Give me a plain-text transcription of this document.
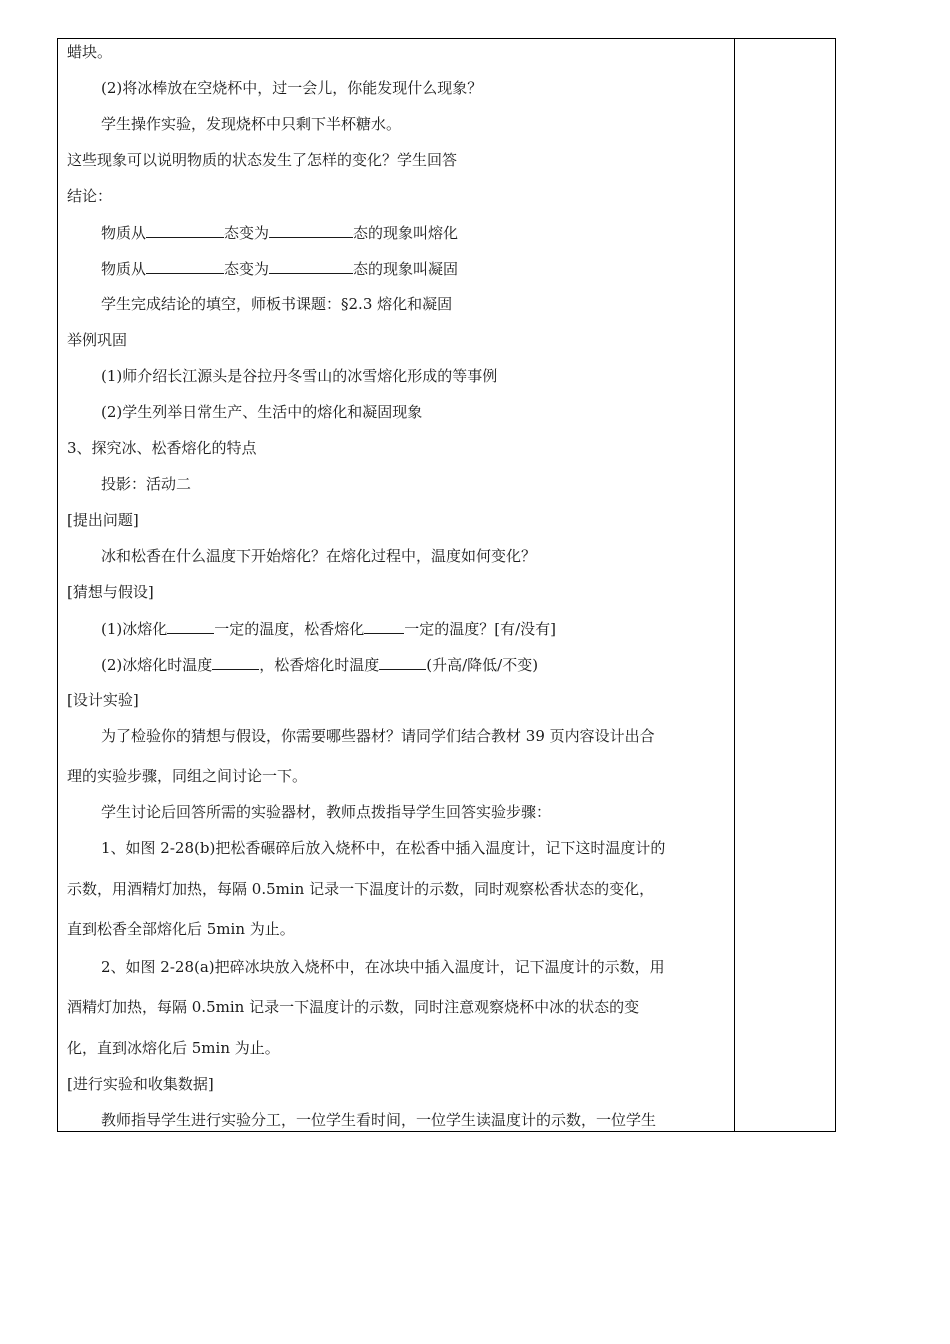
蜡块。
(2)将冰棒放在空烧杯中，过一会儿，你能发现什么现象？
学生操作实验，发现烧杯中只剩下半杯糖水。
这些现象可以说明物质的状态发生了怎样的变化？学生回答
结论：
物质从	态变为	态的现象叫熔化
物质从	态变为	态的现象叫凝固
学生完成结论的填空，师板书课题：§2.3 熔化和凝固
举例巩固
(1)师介绍长江源头是谷拉丹冬雪山的冰雪熔化形成的等事例
(2)学生列举日常生产、生活中的熔化和凝固现象
3、探究冰、松香熔化的特点
投影：活动二
[提出问题]
冰和松香在什么温度下开始熔化？在熔化过程中，温度如何变化？
[猜想与假设]
(1)冰熔化	一定的温度，松香熔化	一定的温度？[有/没有]
(2)冰熔化时温度	，松香熔化时温度	(升高/降低/不变)
[设计实验]
为了检验你的猜想与假设，你需要哪些器材？请同学们结合教材 39 页内容设计出合
理的实验步骤，同组之间讨论一下。
学生讨论后回答所需的实验器材，教师点拨指导学生回答实验步骤：
1、如图 2-28(b)把松香碾碎后放入烧杯中，在松香中插入温度计，记下这时温度计的
示数，用酒精灯加热，每隔 0.5min 记录一下温度计的示数，同时观察松香状态的变化，
直到松香全部熔化后 5min 为止。
2、如图 2-28(a)把碎冰块放入烧杯中，在冰块中插入温度计，记下温度计的示数，用
酒精灯加热，每隔 0.5min 记录一下温度计的示数，同时注意观察烧杯中冰的状态的变
化，直到冰熔化后 5min 为止。
[进行实验和收集数据]
教师指导学生进行实验分工，一位学生看时间，一位学生读温度计的示数，一位学生
